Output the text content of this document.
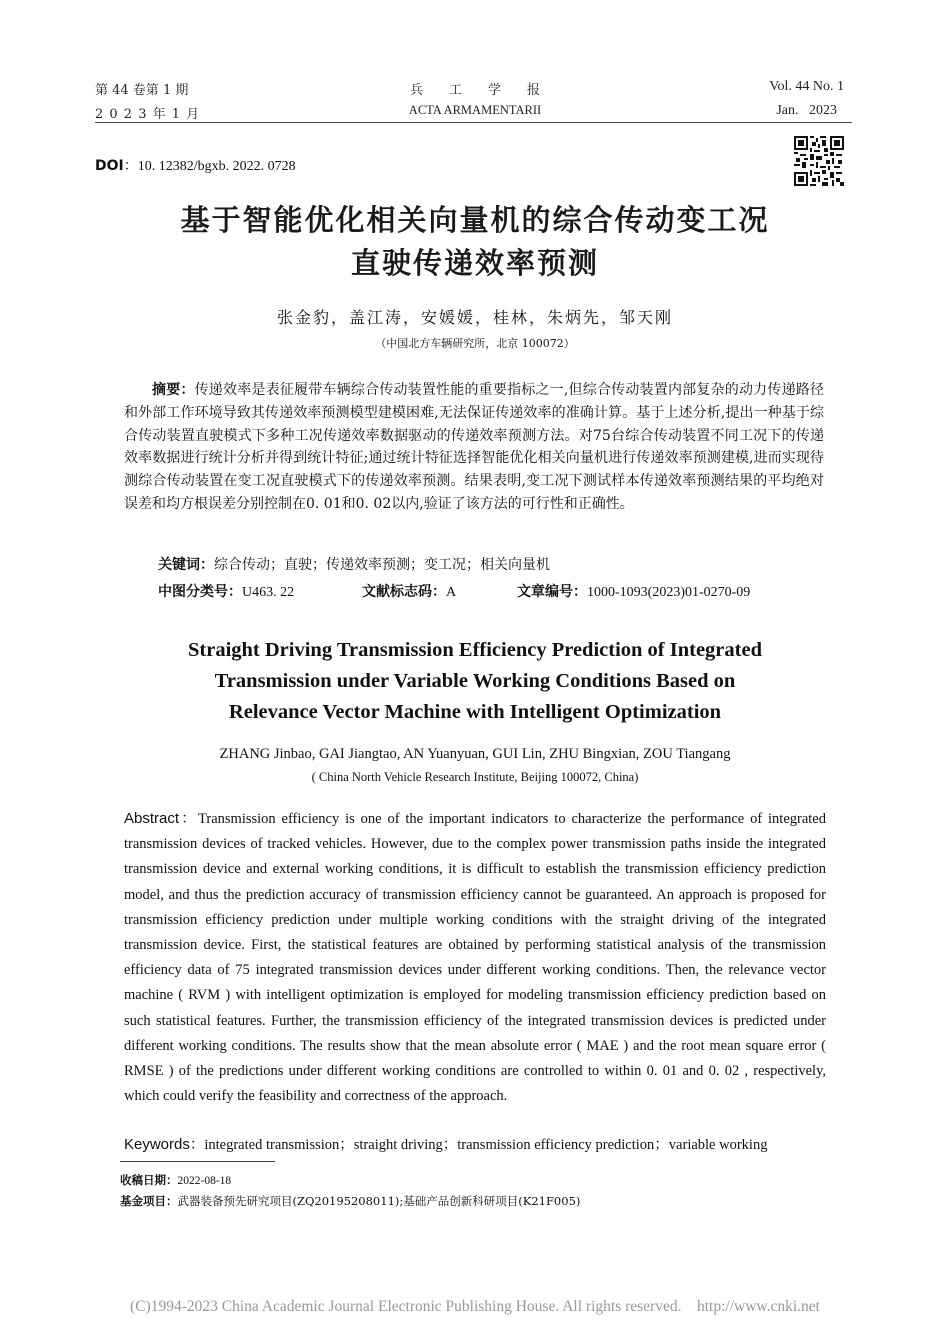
第 44 卷第 1 期
2 0 2 3 年 1 月
兵　　工　　学　　报
ACTA ARMAMENTARII
Vol. 44 No. 1
Jan.   2023
DOI：10. 12382/bgxb. 2022. 0728
基于智能优化相关向量机的综合传动变工况
直驶传递效率预测
张金豹，盖江涛，安媛媛，桂林，朱炳先，邹天刚
（中国北方车辆研究所，北京 100072）
摘要：传递效率是表征履带车辆综合传动装置性能的重要指标之一,但综合传动装置内部复杂的动力传递路径和外部工作环境导致其传递效率预测模型建模困难,无法保证传递效率的准确计算。基于上述分析,提出一种基于综合传动装置直驶模式下多种工况传递效率数据驱动的传递效率预测方法。对75台综合传动装置不同工况下的传递效率数据进行统计分析并得到统计特征;通过统计特征选择智能优化相关向量机进行传递效率预测建模,进而实现待测综合传动装置在变工况直驶模式下的传递效率预测。结果表明,变工况下测试样本传递效率预测结果的平均绝对误差和均方根误差分别控制在0. 01和0. 02以内,验证了该方法的可行性和正确性。
关键词：综合传动；直驶；传递效率预测；变工况；相关向量机
中图分类号：U463. 22	文献标志码：A	文章编号：1000-1093(2023)01-0270-09
Straight Driving Transmission Efficiency Prediction of Integrated
Transmission under Variable Working Conditions Based on
Relevance Vector Machine with Intelligent Optimization
ZHANG Jinbao, GAI Jiangtao, AN Yuanyuan, GUI Lin, ZHU Bingxian, ZOU Tiangang
( China North Vehicle Research Institute, Beijing 100072, China)
Abstract：Transmission efficiency is one of the important indicators to characterize the performance of integrated transmission devices of tracked vehicles. However, due to the complex power transmission paths inside the integrated transmission device and external working conditions, it is difficult to establish the transmission efficiency prediction model, and thus the prediction accuracy of transmission efficiency cannot be guaranteed. An approach is proposed for transmission efficiency prediction under multiple working conditions with the straight driving of the integrated transmission device. First, the statistical features are obtained by performing statistical analysis of the transmission efficiency data of 75 integrated transmission devices under different working conditions. Then, the relevance vector machine ( RVM ) with intelligent optimization is employed for modeling transmission efficiency prediction based on such statistical features. Further, the transmission efficiency of the integrated transmission devices is predicted under different working conditions. The results show that the mean absolute error ( MAE ) and the root mean square error ( RMSE ) of the predictions under different working conditions are controlled to within 0. 01 and 0. 02 , respectively, which could verify the feasibility and correctness of the approach.
Keywords：integrated transmission；straight driving；transmission efficiency prediction；variable working
收稿日期：2022-08-18
基金项目：武器装备预先研究项目(ZQ20195208011);基础产品创新科研项目(K21F005)
(C)1994-2023 China Academic Journal Electronic Publishing House. All rights reserved.    http://www.cnki.net
